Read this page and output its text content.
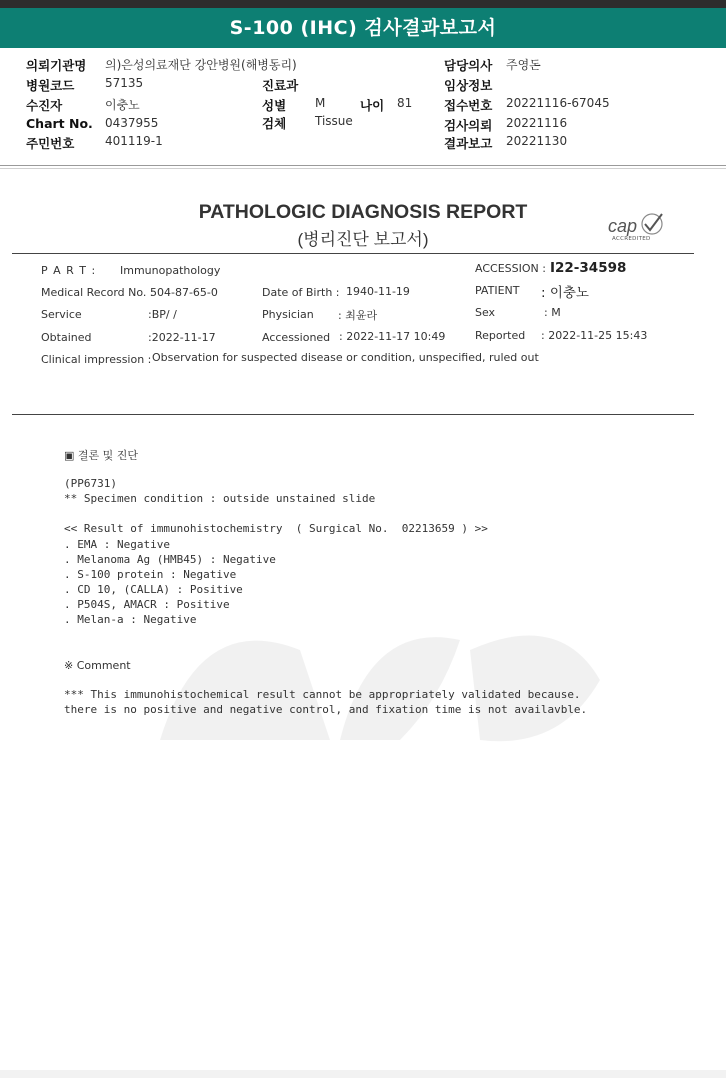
S-100 (IHC) 검사결과보고서
의뢰기관명 의)은성의료재단 강안병원(해병동리)	담당의사 주영돈
병원코드	57135	진료과	임상정보
수진자	이충노	성별 M	나이 81	접수번호 20221116-67045
Chart No. 0437955	검체 Tissue	검사의뢰 20221116
주민번호	401119-1	결과보고 20221130
PATHOLOGIC DIAGNOSIS REPORT
(병리진단 보고서)
cap
ACCREDITED
P A R T : Immunopathology	ACCESSION : I22-34598
Medical Record No. :
504-87-65-0	Date of Birth : 1940-11-19	PATIENT : 이충노
Service	:BP/ /	Physician : 최윤라	Sex	: M
Obtained	:2022-11-17	Accessioned : 2022-11-17 10:49	Reported : 2022-11-25 15:43
Clinical impression : Observation for suspected disease or condition, unspecified, ruled out
▣ 결론 및 진단
(PP6731)
** Specimen condition : outside unstained slide
<< Result of immunohistochemistry  ( Surgical No.  02213659 ) >>
. EMA : Negative
. Melanoma Ag (HMB45) : Negative
. S-100 protein : Negative
. CD 10, (CALLA) : Positive
. P504S, AMACR : Positive
. Melan-a : Negative
※ Comment
*** This immunohistochemical result cannot be appropriately validated because.
there is no positive and negative control, and fixation time is not availavble.
